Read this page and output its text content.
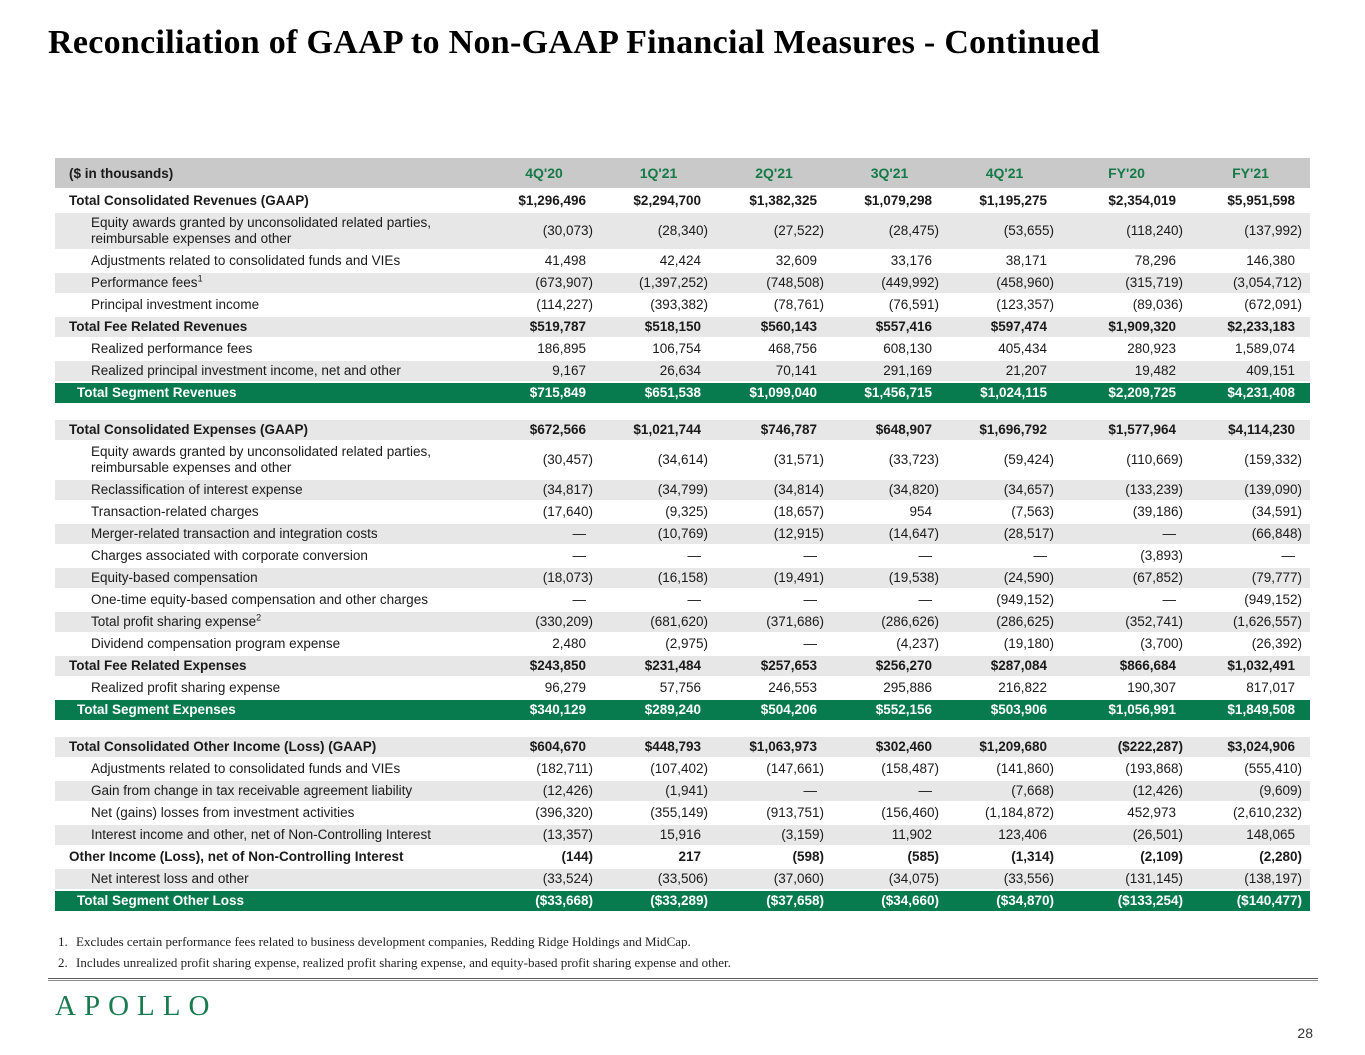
Reconciliation of GAAP to Non-GAAP Financial Measures - Continued
($ in thousands)	4Q'20	1Q'21	2Q'21	3Q'21	4Q'21	FY'20	FY'21
Total Consolidated Revenues (GAAP)	$1,296,496	$2,294,700	$1,382,325	$1,079,298	$1,195,275	$2,354,019	$5,951,598
Equity awards granted by unconsolidated related parties, reimbursable expenses and other	(30,073)	(28,340)	(27,522)	(28,475)	(53,655)	(118,240)	(137,992)
Adjustments related to consolidated funds and VIEs	41,498	42,424	32,609	33,176	38,171	78,296	146,380
Performance fees$^1$	(673,907)	(1,397,252)	(748,508)	(449,992)	(458,960)	(315,719)	(3,054,712)
Principal investment income	(114,227)	(393,382)	(78,761)	(76,591)	(123,357)	(89,036)	(672,091)
Total Fee Related Revenues	$519,787	$518,150	$560,143	$557,416	$597,474	$1,909,320	$2,233,183
Realized performance fees	186,895	106,754	468,756	608,130	405,434	280,923	1,589,074
Realized principal investment income, net and other	9,167	26,634	70,141	291,169	21,207	19,482	409,151
Total Segment Revenues	$715,849	$651,538	$1,099,040	$1,456,715	$1,024,115	$2,209,725	$4,231,408

Total Consolidated Expenses (GAAP)	$672,566	$1,021,744	$746,787	$648,907	$1,696,792	$1,577,964	$4,114,230
Equity awards granted by unconsolidated related parties, reimbursable expenses and other	(30,457)	(34,614)	(31,571)	(33,723)	(59,424)	(110,669)	(159,332)
Reclassification of interest expense	(34,817)	(34,799)	(34,814)	(34,820)	(34,657)	(133,239)	(139,090)
Transaction-related charges	(17,640)	(9,325)	(18,657)	954	(7,563)	(39,186)	(34,591)
Merger-related transaction and integration costs	—	(10,769)	(12,915)	(14,647)	(28,517)	—	(66,848)
Charges associated with corporate conversion	—	—	—	—	—	(3,893)	—
Equity-based compensation	(18,073)	(16,158)	(19,491)	(19,538)	(24,590)	(67,852)	(79,777)
One-time equity-based compensation and other charges	—	—	—	—	(949,152)	—	(949,152)
Total profit sharing expense$^2$	(330,209)	(681,620)	(371,686)	(286,626)	(286,625)	(352,741)	(1,626,557)
Dividend compensation program expense	2,480	(2,975)	—	(4,237)	(19,180)	(3,700)	(26,392)
Total Fee Related Expenses	$243,850	$231,484	$257,653	$256,270	$287,084	$866,684	$1,032,491
Realized profit sharing expense	96,279	57,756	246,553	295,886	216,822	190,307	817,017
Total Segment Expenses	$340,129	$289,240	$504,206	$552,156	$503,906	$1,056,991	$1,849,508

Total Consolidated Other Income (Loss) (GAAP)	$604,670	$448,793	$1,063,973	$302,460	$1,209,680	($222,287)	$3,024,906
Adjustments related to consolidated funds and VIEs	(182,711)	(107,402)	(147,661)	(158,487)	(141,860)	(193,868)	(555,410)
Gain from change in tax receivable agreement liability	(12,426)	(1,941)	—	—	(7,668)	(12,426)	(9,609)
Net (gains) losses from investment activities	(396,320)	(355,149)	(913,751)	(156,460)	(1,184,872)	452,973	(2,610,232)
Interest income and other, net of Non-Controlling Interest	(13,357)	15,916	(3,159)	11,902	123,406	(26,501)	148,065
Other Income (Loss), net of Non-Controlling Interest	(144)	217	(598)	(585)	(1,314)	(2,109)	(2,280)
Net interest loss and other	(33,524)	(33,506)	(37,060)	(34,075)	(33,556)	(131,145)	(138,197)
Total Segment Other Loss	($33,668)	($33,289)	($37,658)	($34,660)	($34,870)	($133,254)	($140,477)
1. Excludes certain performance fees related to business development companies, Redding Ridge Holdings and MidCap.
2. Includes unrealized profit sharing expense, realized profit sharing expense, and equity-based profit sharing expense and other.
APOLLO
28
